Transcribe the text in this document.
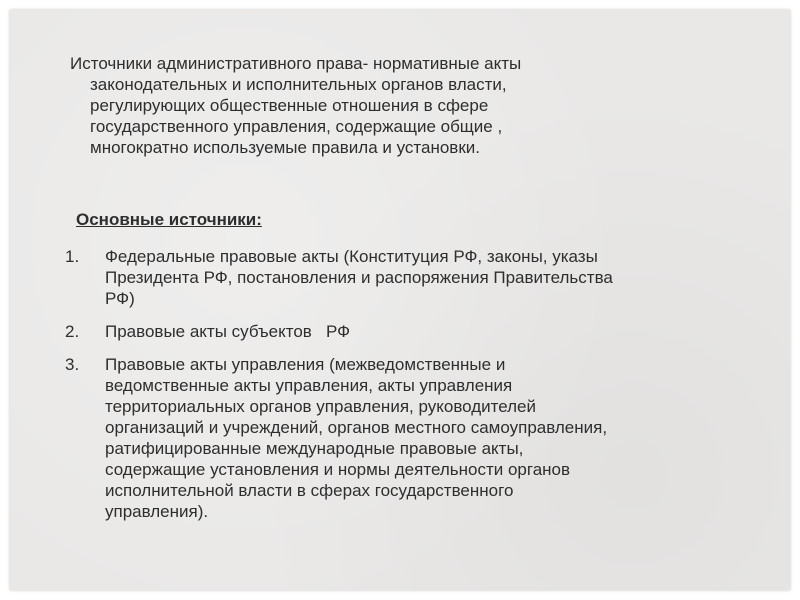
Источники административного права- нормативные акты
законодательных и исполнительных органов власти,
регулирующих общественные отношения в сфере
государственного управления, содержащие общие ,
многократно используемые правила и установки.

Основные источники:

1. Федеральные правовые акты (Конституция РФ, законы, указы
Президента РФ, постановления и распоряжения Правительства
РФ)
2. Правовые акты субъектов   РФ
3. Правовые акты управления (межведомственные и
ведомственные акты управления, акты управления
территориальных органов управления, руководителей
организаций и учреждений, органов местного самоуправления,
ратифицированные международные правовые акты,
содержащие установления и нормы деятельности органов
исполнительной власти в сферах государственного
управления).
